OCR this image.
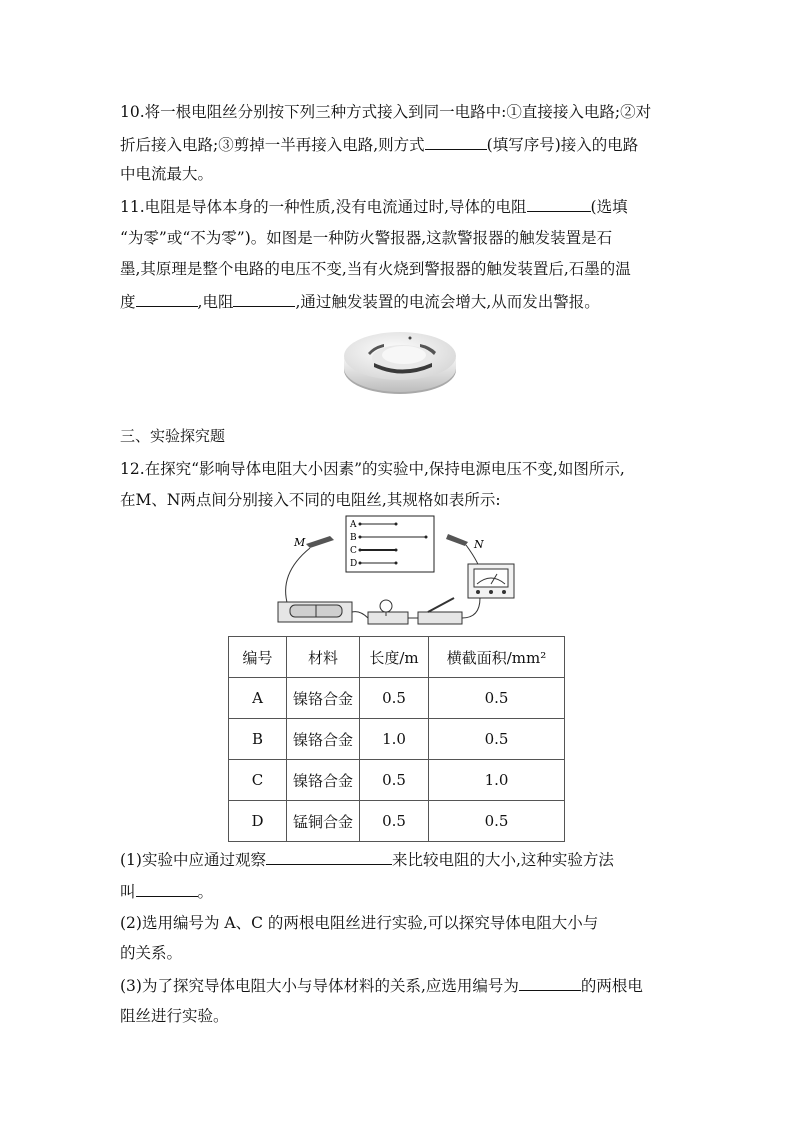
10.将一根电阻丝分别按下列三种方式接入到同一电路中:①直接接入电路;②对
折后接入电路;③剪掉一半再接入电路,则方式	(填写序号)接入的电路
中电流最大。
11.电阻是导体本身的一种性质,没有电流通过时,导体的电阻	(选填
“为零”或“不为零”)。如图是一种防火警报器,这款警报器的触发装置是石
墨,其原理是整个电路的电压不变,当有火烧到警报器的触发装置后,石墨的温
度	,电阻	,通过触发装置的电流会增大,从而发出警报。
三、实验探究题
12.在探究“影响导体电阻大小因素”的实验中,保持电源电压不变,如图所示,
在M、N两点间分别接入不同的电阻丝,其规格如表所示:
A
B
C
D
M	N
编号	材料	长度/m	横截面积/mm²
A	镍铬合金	0.5	0.5
B	镍铬合金	1.0	0.5
C	镍铬合金	0.5	1.0
D	锰铜合金	0.5	0.5
(1)实验中应通过观察	来比较电阻的大小,这种实验方法
叫	。
(2)选用编号为 A、C 的两根电阻丝进行实验,可以探究导体电阻大小与
的关系。
(3)为了探究导体电阻大小与导体材料的关系,应选用编号为	的两根电
阻丝进行实验。
